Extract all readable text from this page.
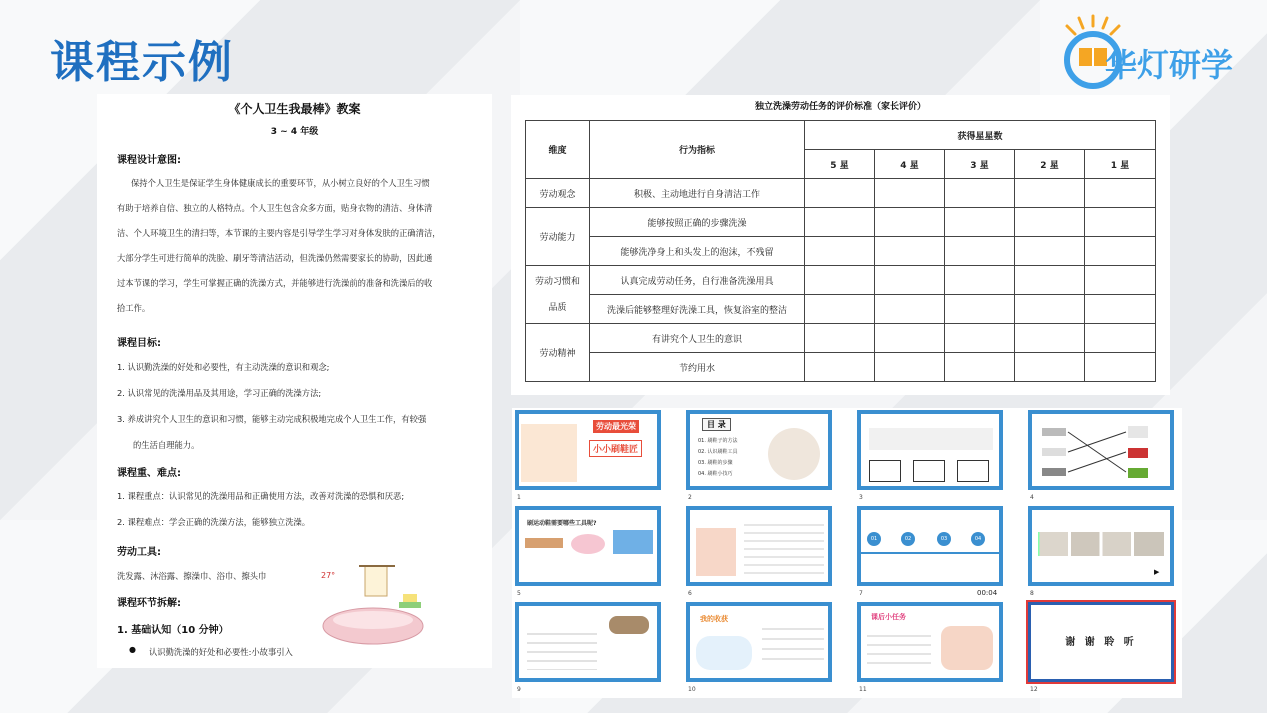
课程示例	华灯研学
《个人卫生我最棒》教案
3 ~ 4 年级
课程设计意图:
保持个人卫生是保证学生身体健康成长的重要环节，从小树立良好的个人卫生习惯
有助于培养自信、独立的人格特点。个人卫生包含众多方面，贴身衣物的清洁、身体清
洁、个人环境卫生的清扫等，本节课的主要内容是引导学生学习对身体发肤的正确清洁，
大部分学生可进行简单的洗脸、刷牙等清洁活动，但洗澡仍然需要家长的协助，因此通
过本节课的学习，学生可掌握正确的洗澡方式，并能够进行洗澡前的准备和洗澡后的收
拾工作。
课程目标:
1. 认识勤洗澡的好处和必要性，有主动洗澡的意识和观念;
2. 认识常见的洗澡用品及其用途，学习正确的洗澡方法;
3. 养成讲究个人卫生的意识和习惯，能够主动完成积极地完成个人卫生工作，有较强
的生活自理能力。
课程重、难点:
1. 课程重点：认识常见的洗澡用品和正确使用方法，改善对洗澡的恐惧和厌恶;
2. 课程难点：学会正确的洗澡方法，能够独立洗澡。
劳动工具:
洗发露、沐浴露、擦澡巾、浴巾、擦头巾
课程环节拆解:
1. 基础认知（10 分钟）
● 认识勤洗澡的好处和必要性:小故事引入
27°
独立洗澡劳动任务的评价标准（家长评价）
维度	行为指标	获得星星数				
		5 星	4 星	3 星	2 星	1 星
劳动观念	积极、主动地进行自身清洁工作					
劳动能力	能够按照正确的步骤洗澡					
	能够洗净身上和头发上的泡沫，不残留					
劳动习惯和
品质	认真完成劳动任务，自行准备洗澡用具					
	洗澡后能够整理好洗澡工具，恢复浴室的整洁					
劳动精神	有讲究个人卫生的意识					
	节约用水					
劳动最光荣
小小刷鞋匠
目 录
01. 刷鞋子的方法
02. 认识刷鞋工具
03. 刷鞋的步骤
04. 刷鞋小技巧
刷运动鞋需要哪些工具呢?
01	02	03	04
▶
00:04
我的收获	课后小任务
谢 谢 聆 听
1	2	3	4
5	6	7	8
9	10	11	12
